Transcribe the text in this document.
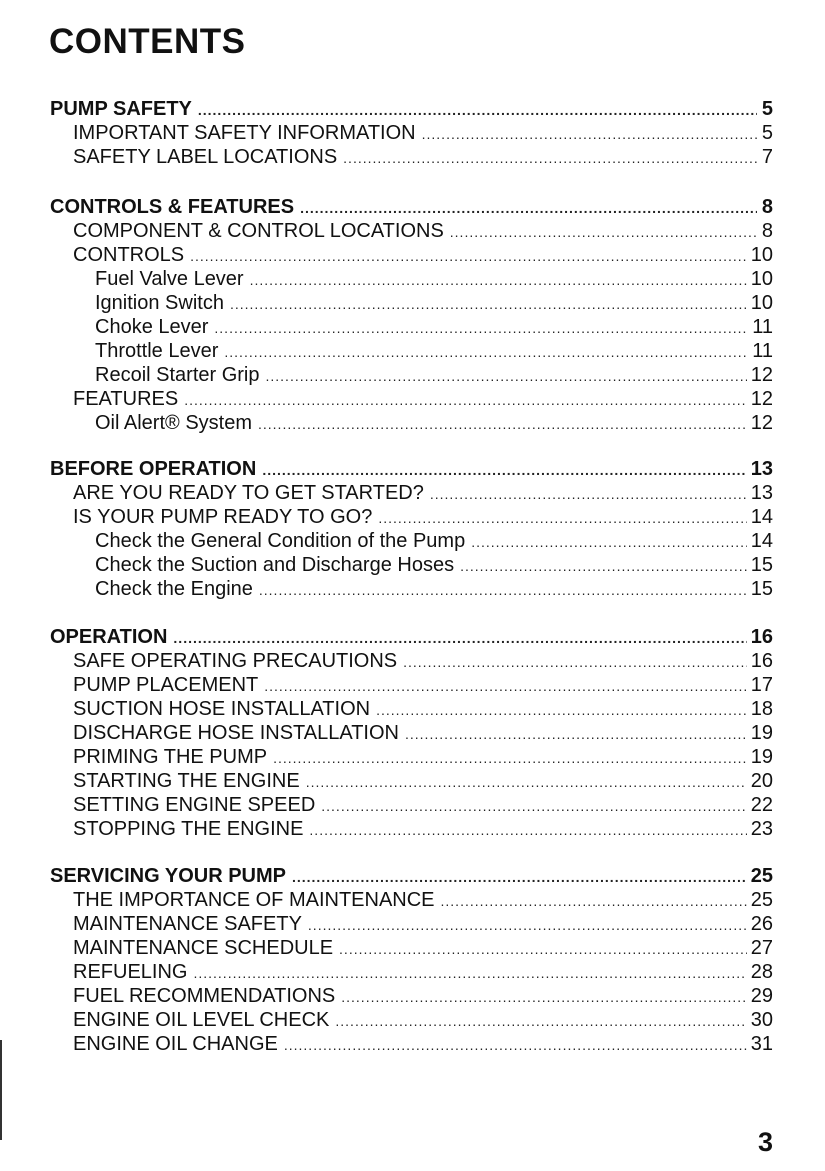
CONTENTS
PUMP SAFETY .....	5
IMPORTANT SAFETY INFORMATION .....	5
SAFETY LABEL LOCATIONS .....	7
CONTROLS & FEATURES .....	8
COMPONENT & CONTROL LOCATIONS .....	8
CONTROLS .....	10
Fuel Valve Lever .....	10
Ignition Switch .....	10
Choke Lever .....	11
Throttle Lever .....	11
Recoil Starter Grip .....	12
FEATURES .....	12
Oil Alert® System .....	12
BEFORE OPERATION .....	13
ARE YOU READY TO GET STARTED? .....	13
IS YOUR PUMP READY TO GO? .....	14
Check the General Condition of the Pump .....	14
Check the Suction and Discharge Hoses .....	15
Check the Engine .....	15
OPERATION .....	16
SAFE OPERATING PRECAUTIONS .....	16
PUMP PLACEMENT .....	17
SUCTION HOSE INSTALLATION .....	18
DISCHARGE HOSE INSTALLATION .....	19
PRIMING THE PUMP .....	19
STARTING THE ENGINE .....	20
SETTING ENGINE SPEED .....	22
STOPPING THE ENGINE .....	23
SERVICING YOUR PUMP .....	25
THE IMPORTANCE OF MAINTENANCE .....	25
MAINTENANCE SAFETY .....	26
MAINTENANCE SCHEDULE .....	27
REFUELING .....	28
FUEL RECOMMENDATIONS .....	29
ENGINE OIL LEVEL CHECK .....	30
ENGINE OIL CHANGE .....	31
3
